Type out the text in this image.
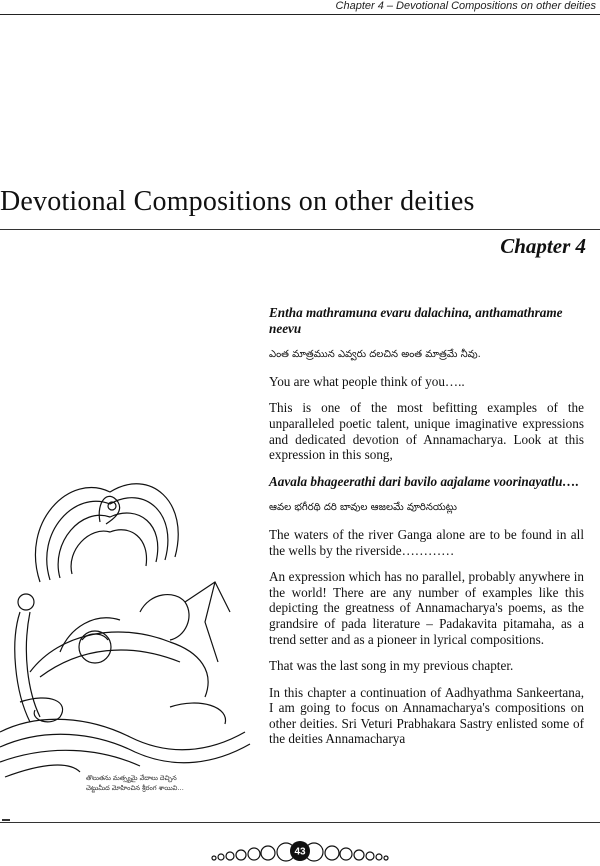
Chapter 4 – Devotional Compositions on other deities
Devotional Compositions on other deities
Chapter 4

Entha mathramuna evaru dalachina, anthamathrame neevu

ఎంత మాత్రమున ఎవ్వరు దలచిన అంత మాత్రమే నీవు.

You are what people think of you…..

This is one of the most befitting examples of the unparalleled poetic talent, unique imaginative expressions and dedicated devotion of Annamacharya. Look at this expression in this song,

Aavala bhageerathi dari bavilo aajalame voorinayatlu….

ఆవల భగీరథి దరి బావుల ఆజలమే వూరినయట్లు

The waters of the river Ganga alone are to be found in all the wells by the riverside…………

An expression which has no parallel, probably anywhere in the world! There are any number of examples like this depicting the greatness of Annamacharya's poems, as the grandsire of pada literature – Padakavita pitamaha, as a trend setter and as a pioneer in lyrical compositions.

That was the last song in my previous chapter.

In this chapter a continuation of Aadhyathma Sankeertana, I am going to focus on Annamacharya's compositions on other deities. Sri Veturi Prabhakara Sastry enlisted some of the deities Annamacharya

తొలుతను మత్స్యమై వేదాలు దెచ్చిన
చెట్టుమీద మోహించిన శ్రీరంగ శాయివి…
43
